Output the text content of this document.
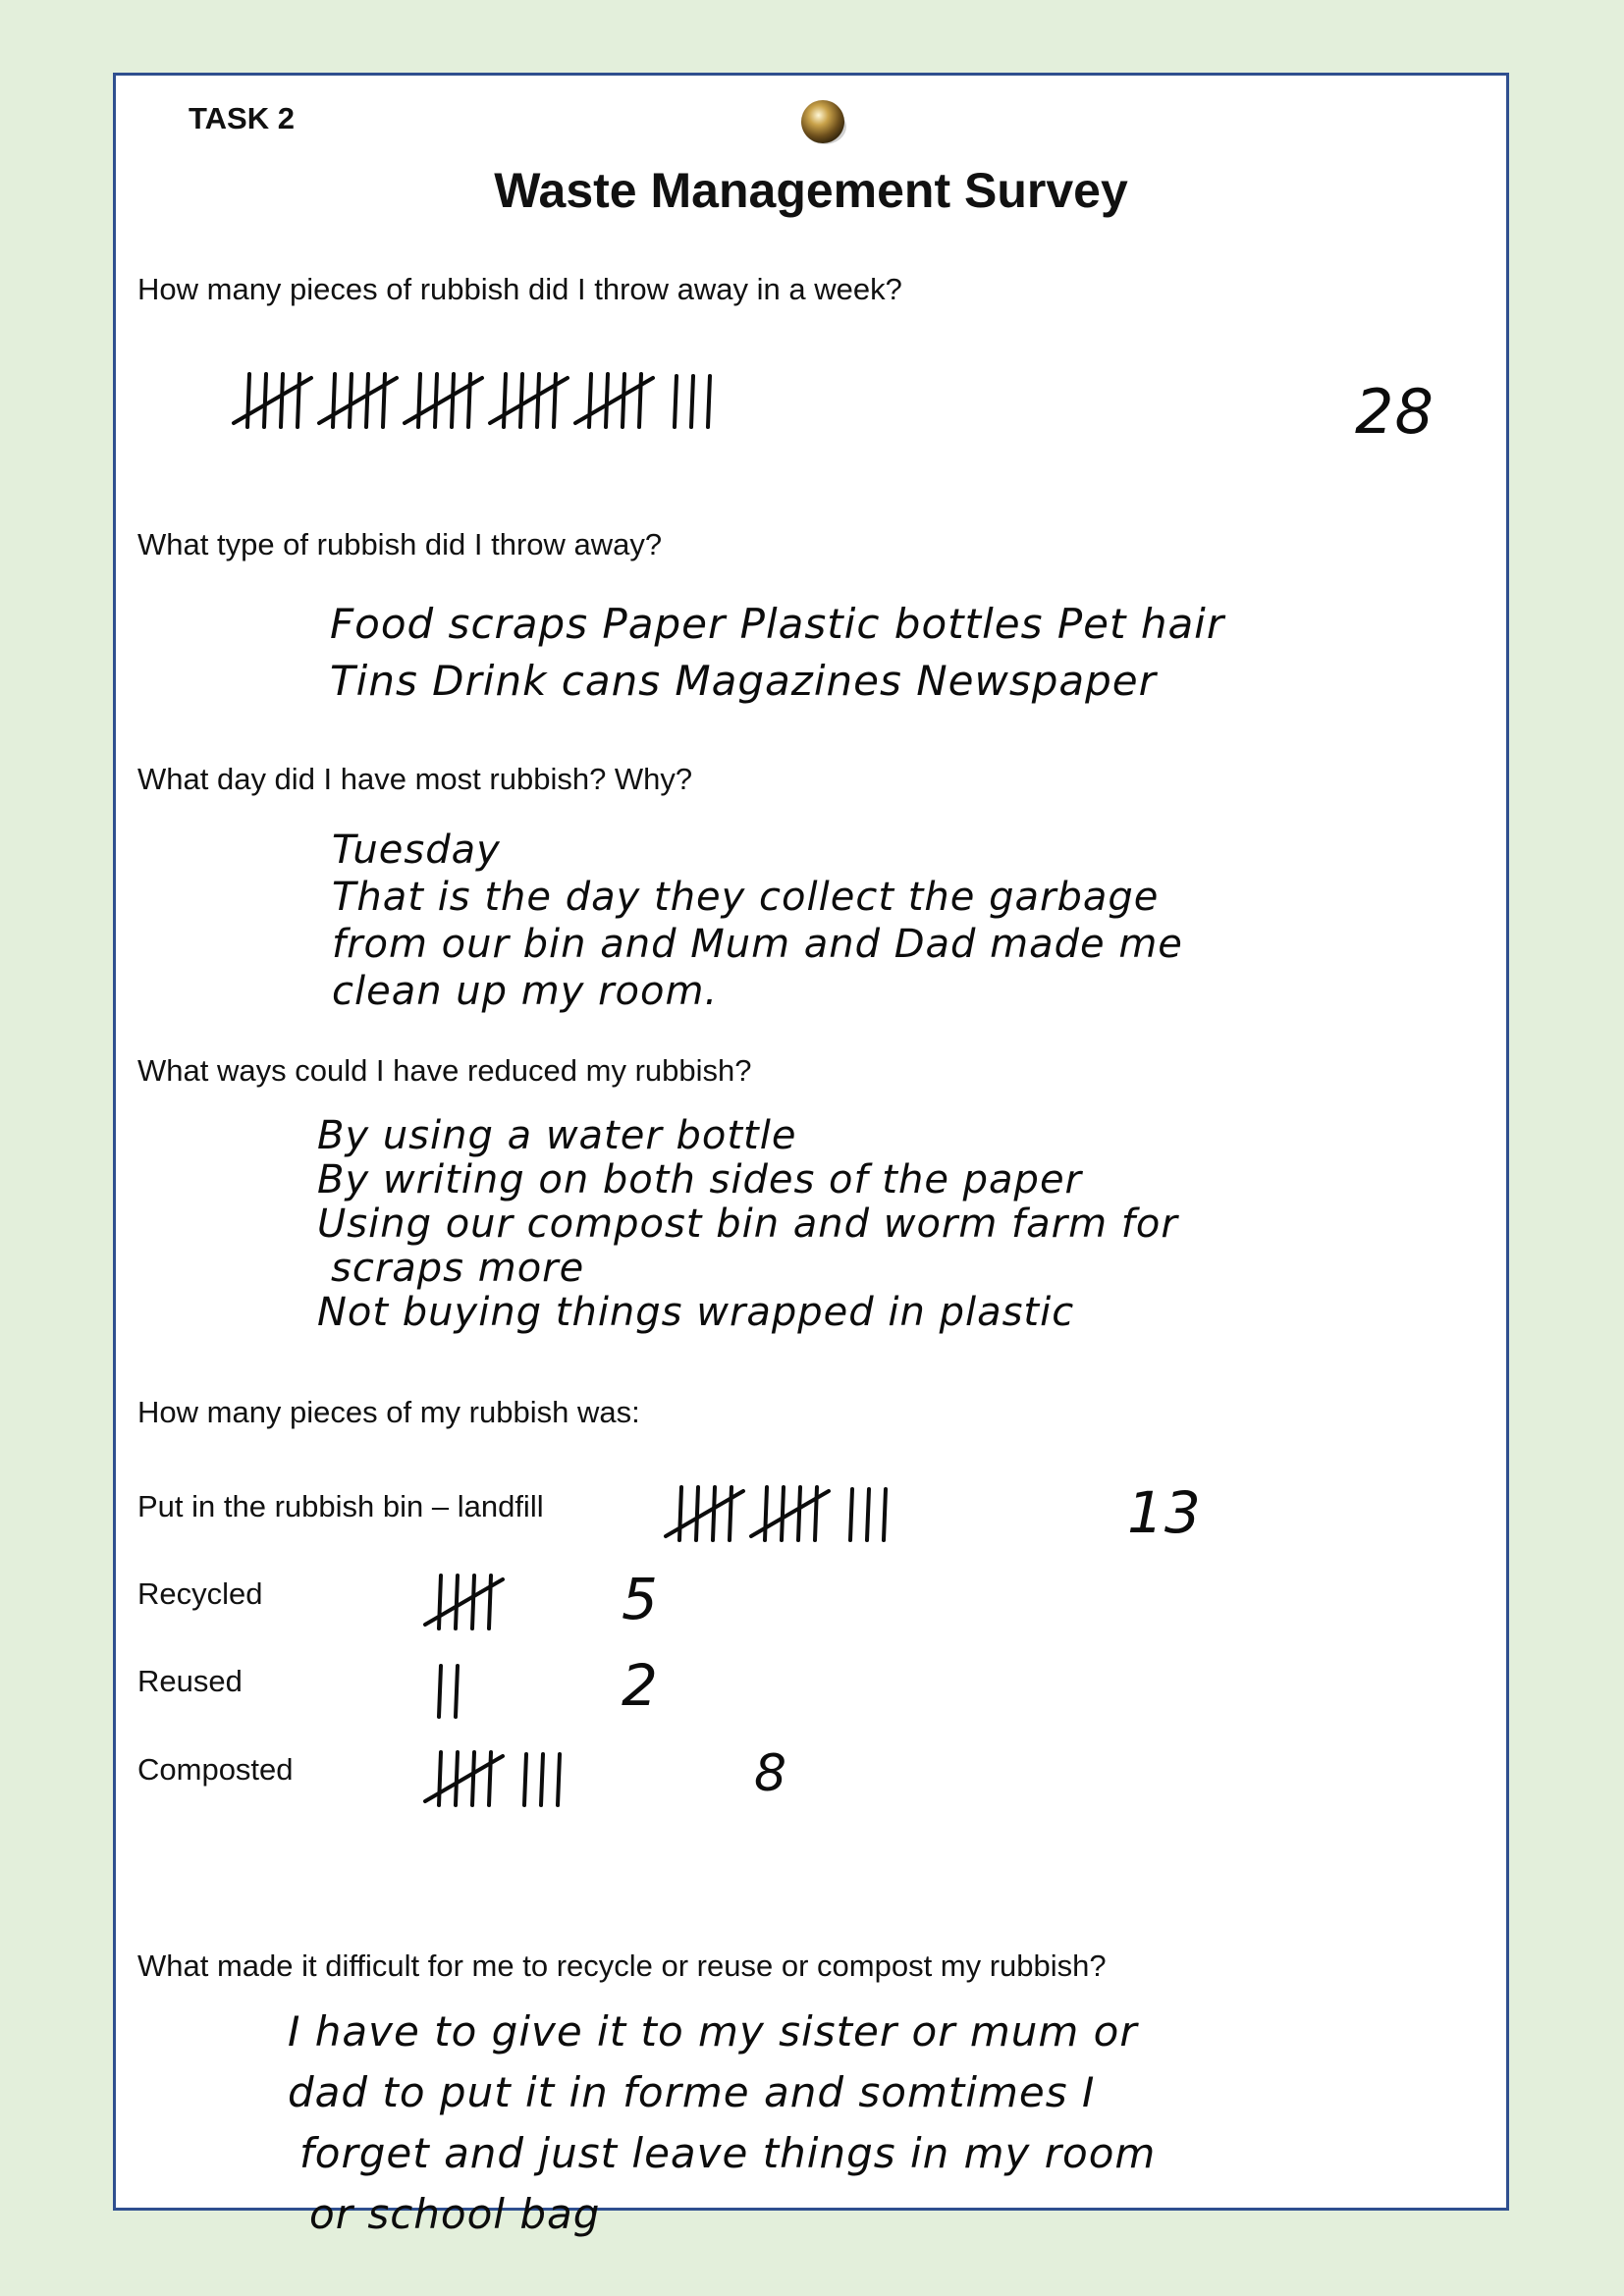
TASK 2
Waste Management Survey
How many pieces of rubbish did I throw away in a week?
28
What type of rubbish did I throw away?
Food scraps Paper Plastic bottles Pet hair
Tins Drink cans Magazines Newspaper
What day did I have most rubbish? Why?
Tuesday
That is the day they collect the garbage
from our bin and Mum and Dad made me
clean up my room.
What ways could I have reduced my rubbish?
By using a water bottle
By writing on both sides of the paper
Using our compost bin and worm farm for
scraps more
Not buying things wrapped in plastic
How many pieces of my rubbish was:
Put in the rubbish bin – landfill	13
Recycled	5
Reused	2
Composted	8
What made it difficult for me to recycle or reuse or compost my rubbish?
I have to give it to my sister or mum or
dad to put it in forme and somtimes I
forget and just leave things in my room
or school bag
